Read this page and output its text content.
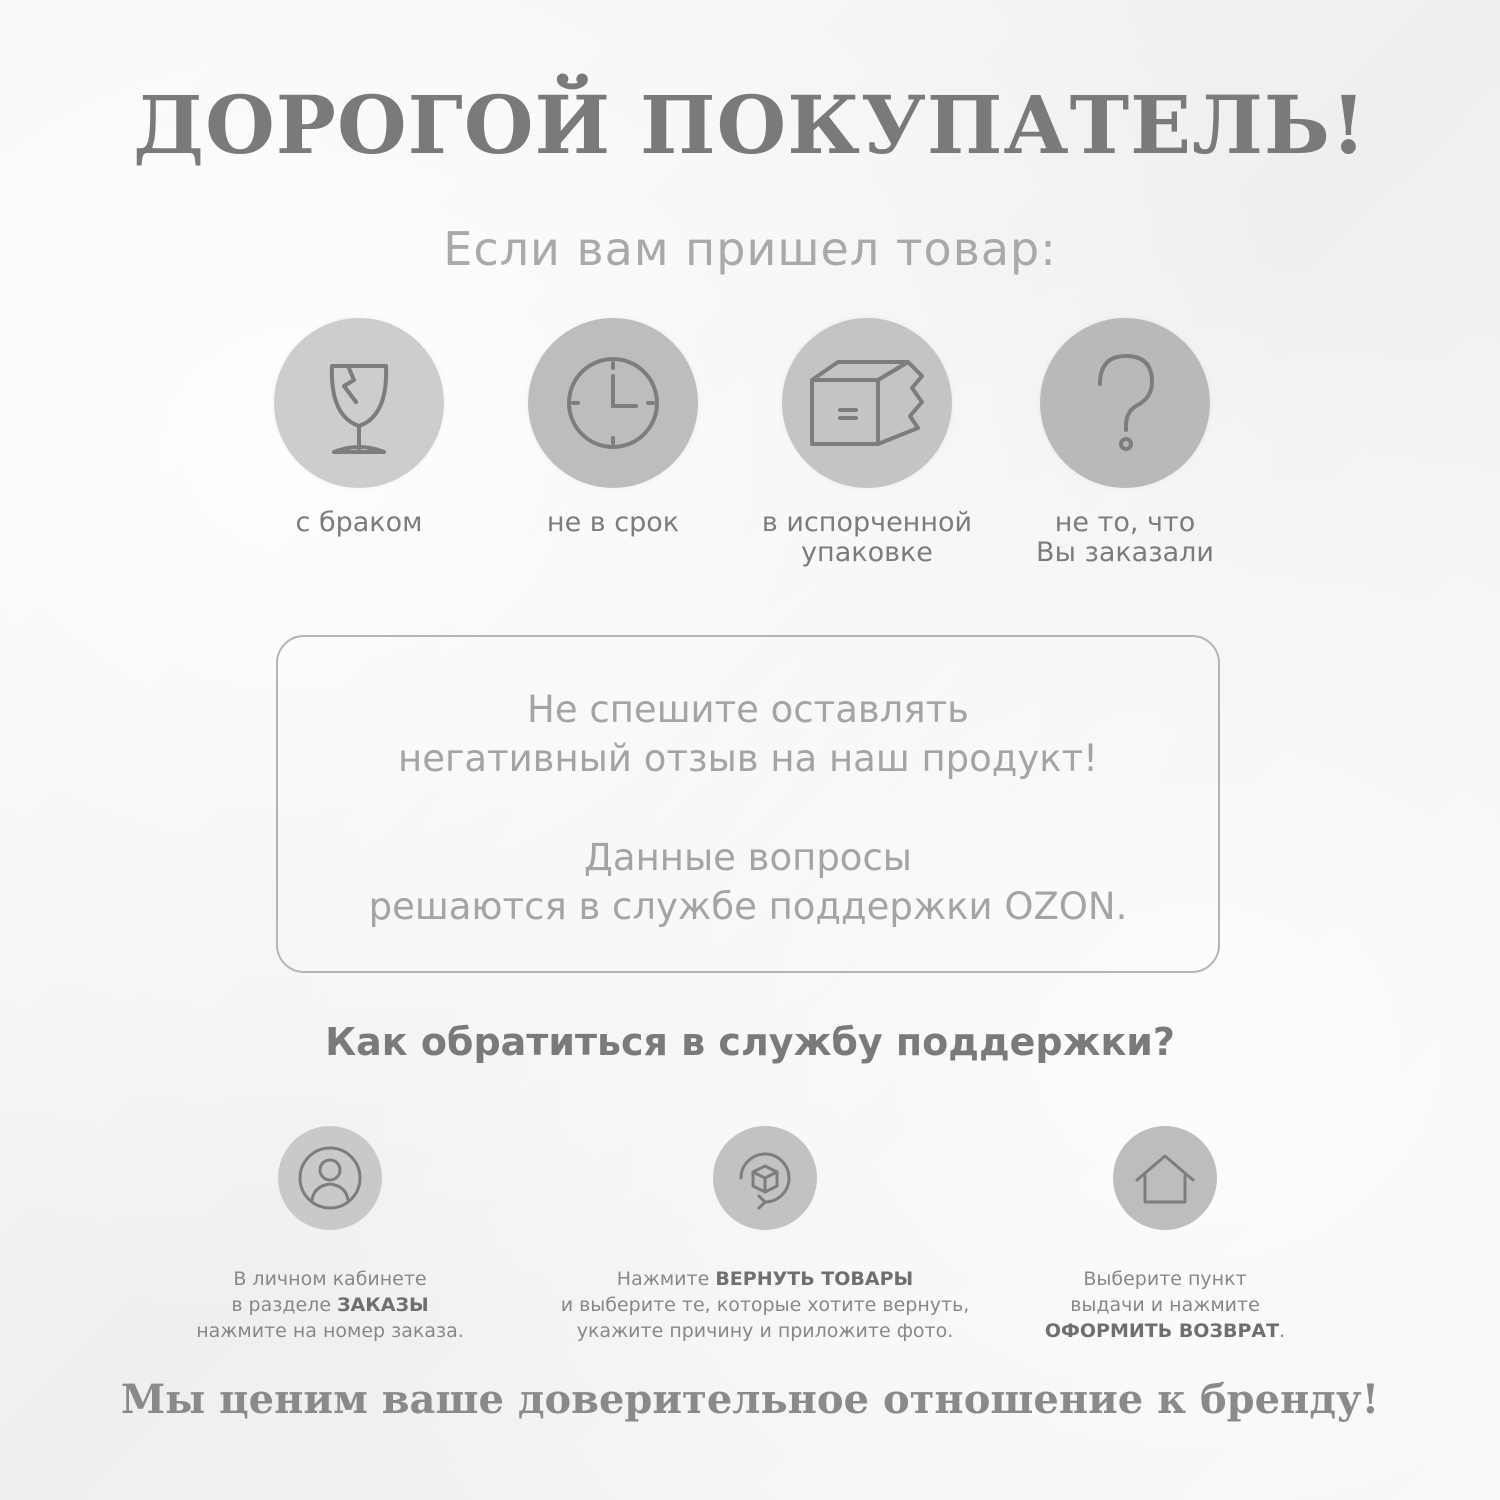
ДОРОГОЙ ПОКУПАТЕЛЬ!
Если вам пришел товар:
с браком	не в срок	в испорченной
упаковке
не то, что
Вы заказали
Не спешите оставлять
негативный отзыв на наш продукт!
Данные вопросы
решаются в службе поддержки OZON.
Как обратиться в службу поддержки?
В личном кабинете
в разделе ЗАКАЗЫ
нажмите на номер заказа.
Нажмите ВЕРНУТЬ ТОВАРЫ
и выберите те, которые хотите вернуть,
укажите причину и приложите фото.
Выберите пункт
выдачи и нажмите
ОФОРМИТЬ ВОЗВРАТ.
Мы ценим ваше доверительное отношение к бренду!
